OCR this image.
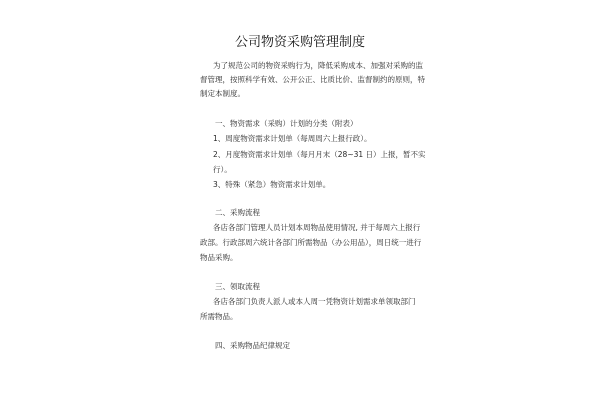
公司物资采购管理制度
为了规范公司的物资采购行为，降低采购成本、加强对采购的监
督管理，按照科学有效、公开公正、比质比价、监督制约的原则，特
制定本制度。
一、物资需求（采购）计划的分类（附表）
1、周度物资需求计划单（每周周六上报行政）。
2、月度物资需求计划单（每月月末（28~31 日）上报，暂不实
行）。
3、特殊（紧急）物资需求计划单。
二、采购流程
各店各部门管理人员计划本周物品使用情况, 并于每周六上报行
政部。行政部周六统计各部门所需物品（办公用品），周日统一进行
物品采购。
三、领取流程
各店各部门负责人派人或本人周一凭物资计划需求单领取部门
所需物品。
四、采购物品纪律规定
